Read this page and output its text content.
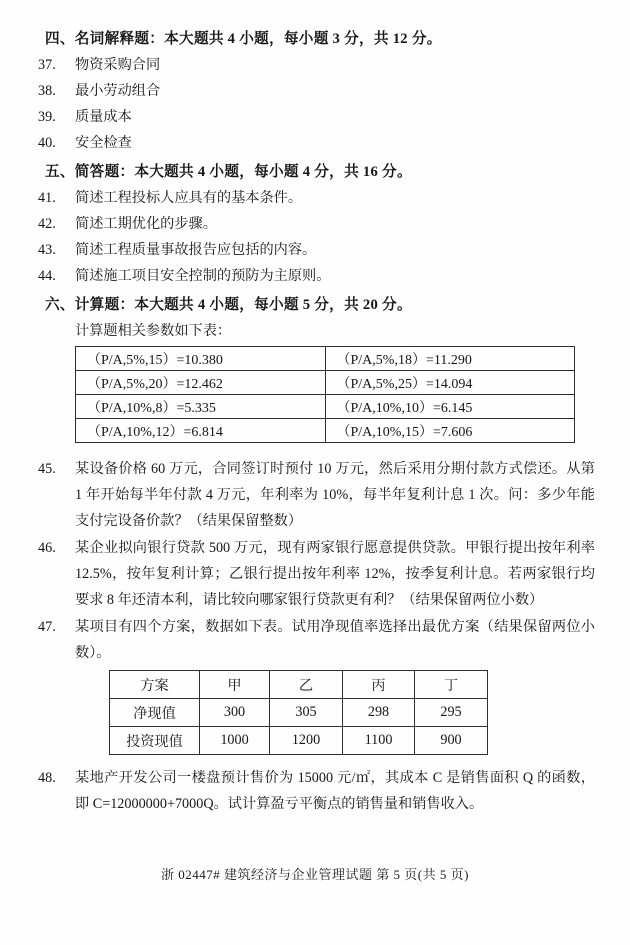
四、名词解释题：本大题共 4 小题，每小题 3 分，共 12 分。
37.	物资采购合同
38.	最小劳动组合
39.	质量成本
40.	安全检查
五、简答题：本大题共 4 小题，每小题 4 分，共 16 分。
41.	简述工程投标人应具有的基本条件。
42.	简述工期优化的步骤。
43.	简述工程质量事故报告应包括的内容。
44.	简述施工项目安全控制的预防为主原则。
六、计算题：本大题共 4 小题，每小题 5 分，共 20 分。
计算题相关参数如下表：
（P/A,5%,15）=10.380	（P/A,5%,18）=11.290
（P/A,5%,20）=12.462	（P/A,5%,25）=14.094
（P/A,10%,8）=5.335	（P/A,10%,10）=6.145
（P/A,10%,12）=6.814	（P/A,10%,15）=7.606
45.	某设备价格 60 万元，合同签订时预付 10 万元，然后采用分期付款方式偿还。从第 1 年开始每半年付款 4 万元，年利率为 10%，每半年复利计息 1 次。问：多少年能支付完设备价款？（结果保留整数）
46.	某企业拟向银行贷款 500 万元，现有两家银行愿意提供贷款。甲银行提出按年利率 12.5%，按年复利计算；乙银行提出按年利率 12%，按季复利计息。若两家银行均要求 8 年还清本利，请比较向哪家银行贷款更有利？（结果保留两位小数）
47.	某项目有四个方案，数据如下表。试用净现值率选择出最优方案（结果保留两位小数）。
方案	甲	乙	丙	丁
净现值	300	305	298	295
投资现值	1000	1200	1100	900
48.	某地产开发公司一楼盘预计售价为 15000 元/㎡，其成本 C 是销售面积 Q 的函数，即 C=12000000+7000Q。试计算盈亏平衡点的销售量和销售收入。
浙 02447# 建筑经济与企业管理试题 第 5 页(共 5 页)
